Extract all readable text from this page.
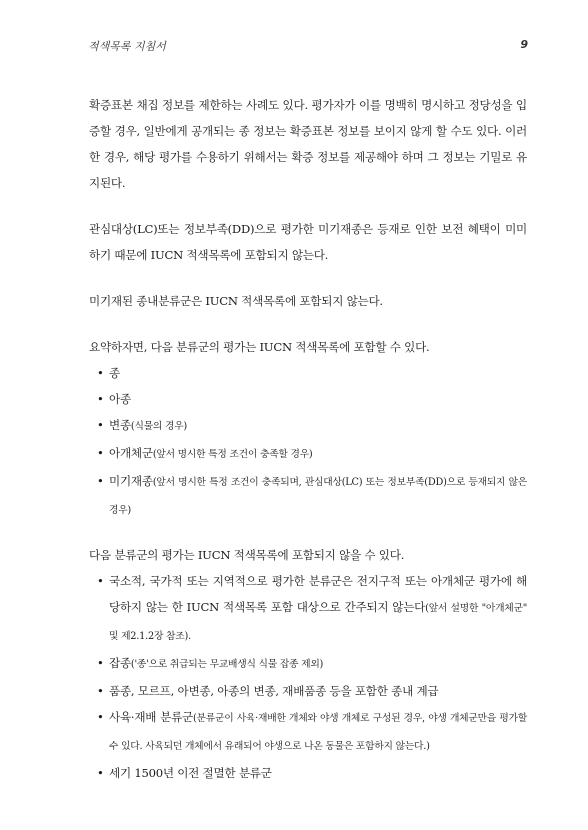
적색목록 지침서	9

확증표본 채집 정보를 제한하는 사례도 있다. 평가자가 이를 명백히 명시하고 정당성을 입증할 경우, 일반에게 공개되는 종 정보는 확증표본 정보를 보이지 않게 할 수도 있다. 이러한 경우, 해당 평가를 수용하기 위해서는 확증 정보를 제공해야 하며 그 정보는 기밀로 유지된다.

관심대상(LC)또는 정보부족(DD)으로 평가한 미기재종은 등재로 인한 보전 혜택이 미미하기 때문에 IUCN 적색목록에 포함되지 않는다.

미기재된 종내분류군은 IUCN 적색목록에 포함되지 않는다.

요약하자면, 다음 분류군의 평가는 IUCN 적색목록에 포함할 수 있다.

• 종
• 아종
• 변종(식물의 경우)
• 아개체군(앞서 명시한 특정 조건이 충족할 경우)
• 미기재종(앞서 명시한 특정 조건이 충족되며, 관심대상(LC) 또는 정보부족(DD)으로 등재되지 않은 경우)

다음 분류군의 평가는 IUCN 적색목록에 포함되지 않을 수 있다.

• 국소적, 국가적 또는 지역적으로 평가한 분류군은 전지구적 또는 아개체군 평가에 해당하지 않는 한 IUCN 적색목록 포함 대상으로 간주되지 않는다(앞서 설명한 "아개체군" 및 제2.1.2장 참조).
• 잡종('종'으로 취급되는 무교배생식 식물 잡종 제외)
• 품종, 모르프, 아변종, 아종의 변종, 재배품종 등을 포함한 종내 계급
• 사육·재배 분류군(분류군이 사육·재배한 개체와 야생 개체로 구성된 경우, 야생 개체군만을 평가할 수 있다. 사육되던 개체에서 유래되어 야생으로 나온 동물은 포함하지 않는다.)
• 세기 1500년 이전 절멸한 분류군
